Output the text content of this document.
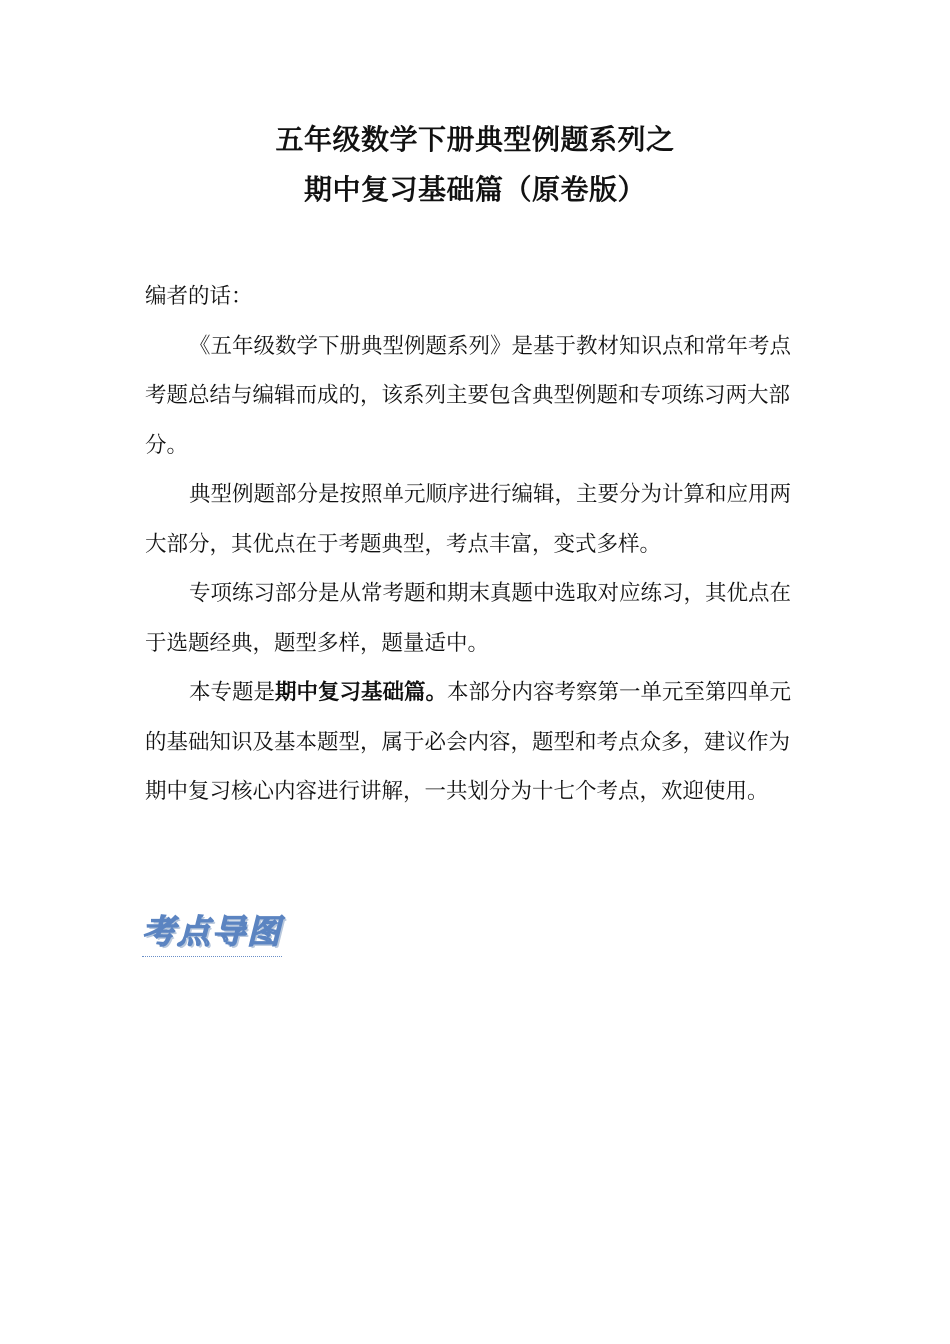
五年级数学下册典型例题系列之
期中复习基础篇（原卷版）

编者的话：

《五年级数学下册典型例题系列》是基于教材知识点和常年考点考题总结与编辑而成的，该系列主要包含典型例题和专项练习两大部分。

典型例题部分是按照单元顺序进行编辑，主要分为计算和应用两大部分，其优点在于考题典型，考点丰富，变式多样。

专项练习部分是从常考题和期末真题中选取对应练习，其优点在于选题经典，题型多样，题量适中。

本专题是期中复习基础篇。本部分内容考察第一单元至第四单元的基础知识及基本题型，属于必会内容，题型和考点众多，建议作为期中复习核心内容进行讲解，一共划分为十七个考点，欢迎使用。

考点导图
